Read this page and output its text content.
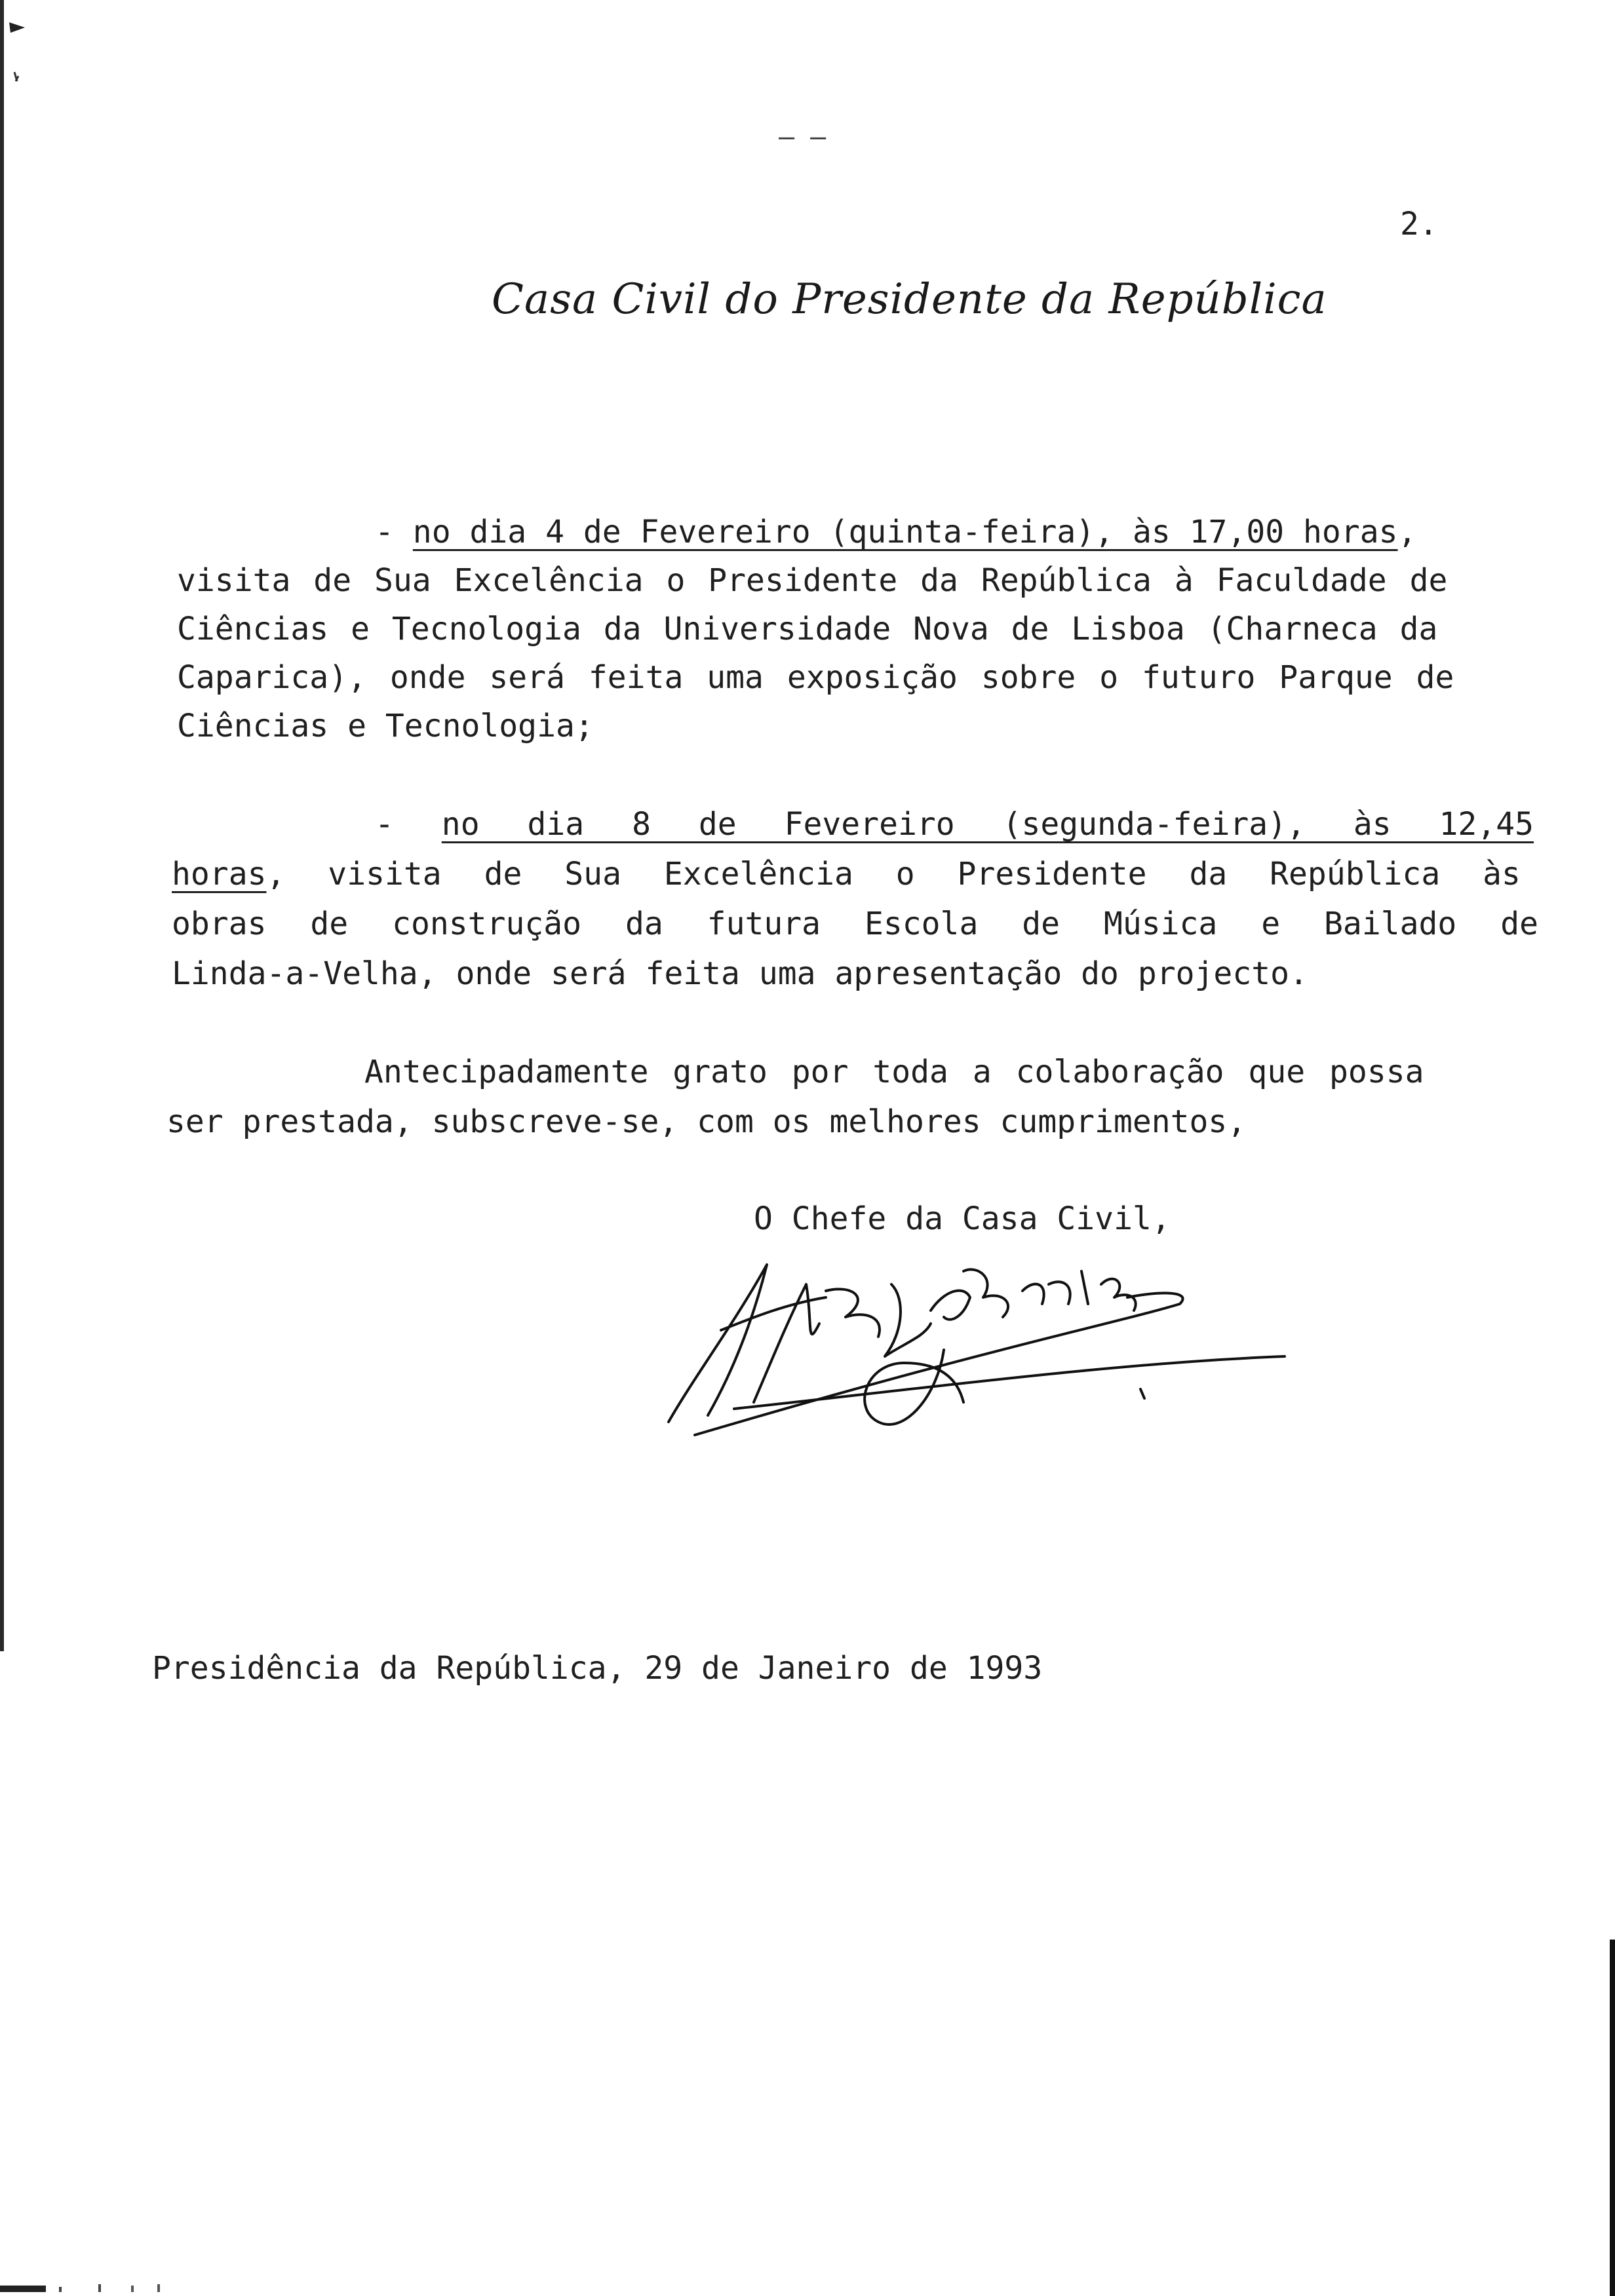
— —
2.
Casa Civil do Presidente da República
- no dia 4 de Fevereiro (quinta-feira), às 17,00 horas,
visita de Sua Excelência o Presidente da República à Faculdade de
Ciências e Tecnologia da Universidade Nova de Lisboa (Charneca da
Caparica), onde será feita uma exposição sobre o futuro Parque de
Ciências e Tecnologia;
- no dia 8 de Fevereiro (segunda-feira), às 12,45
horas, visita de Sua Excelência o Presidente da República às
obras de construção da futura Escola de Música e Bailado de
Linda-a-Velha, onde será feita uma apresentação do projecto.
Antecipadamente grato por toda a colaboração que possa
ser prestada, subscreve-se, com os melhores cumprimentos,
O Chefe da Casa Civil,
Presidência da República, 29 de Janeiro de 1993
